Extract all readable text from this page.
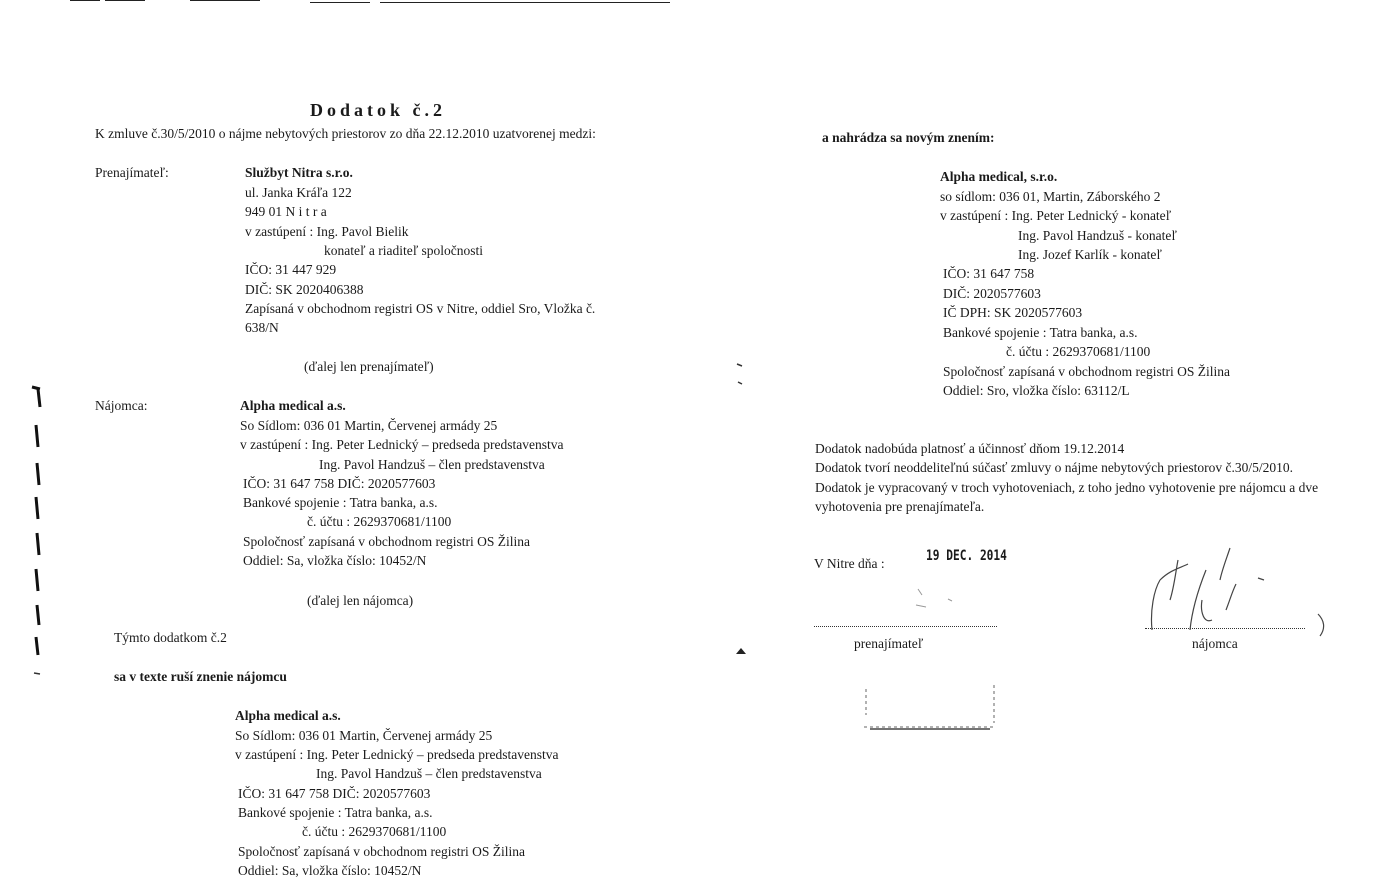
Dodatok č.2
K zmluve č.30/5/2010 o nájme nebytových priestorov zo dňa 22.12.2010 uzatvorenej medzi:
Prenajímateľ:	Službyt Nitra s.r.o.
ul. Janka Kráľa 122
949 01 N i t r a
v zastúpení : Ing. Pavol Bielik
konateľ a riaditeľ spoločnosti
IČO: 31 447 929
DIČ: SK 2020406388
Zapísaná v obchodnom registri OS v Nitre, oddiel Sro, Vložka č.
638/N
(ďalej len prenajímateľ)
Nájomca:	Alpha medical a.s.
So Sídlom: 036 01 Martin, Červenej armády 25
v zastúpení : Ing. Peter Lednický – predseda predstavenstva
Ing. Pavol Handzuš – člen predstavenstva
IČO: 31 647 758 DIČ: 2020577603
Bankové spojenie : Tatra banka, a.s.
č. účtu : 2629370681/1100
Spoločnosť zapísaná v obchodnom registri OS Žilina
Oddiel: Sa, vložka číslo: 10452/N
(ďalej len nájomca)
Týmto dodatkom č.2
sa v texte ruší znenie nájomcu
Alpha medical a.s.
So Sídlom: 036 01 Martin, Červenej armády 25
v zastúpení : Ing. Peter Lednický – predseda predstavenstva
Ing. Pavol Handzuš – člen predstavenstva
IČO: 31 647 758 DIČ: 2020577603
Bankové spojenie : Tatra banka, a.s.
č. účtu : 2629370681/1100
Spoločnosť zapísaná v obchodnom registri OS Žilina
Oddiel: Sa, vložka číslo: 10452/N
a nahrádza sa novým znením:
Alpha medical, s.r.o.
so sídlom: 036 01, Martin, Záborského 2
v zastúpení : Ing. Peter Lednický - konateľ
Ing. Pavol Handzuš - konateľ
Ing. Jozef Karlík - konateľ
IČO: 31 647 758
DIČ: 2020577603
IČ DPH: SK 2020577603
Bankové spojenie : Tatra banka, a.s.
č. účtu : 2629370681/1100
Spoločnosť zapísaná v obchodnom registri OS Žilina
Oddiel: Sro, vložka číslo: 63112/L
Dodatok nadobúda platnosť a účinnosť dňom 19.12.2014
Dodatok tvorí neoddeliteľnú súčasť zmluvy o nájme nebytových priestorov č.30/5/2010.
Dodatok je vypracovaný v troch vyhotoveniach, z toho jedno vyhotovenie pre nájomcu a dve
vyhotovenia pre prenajímateľa.
V Nitre dňa :	19 DEC. 2014
prenajímateľ	nájomca
